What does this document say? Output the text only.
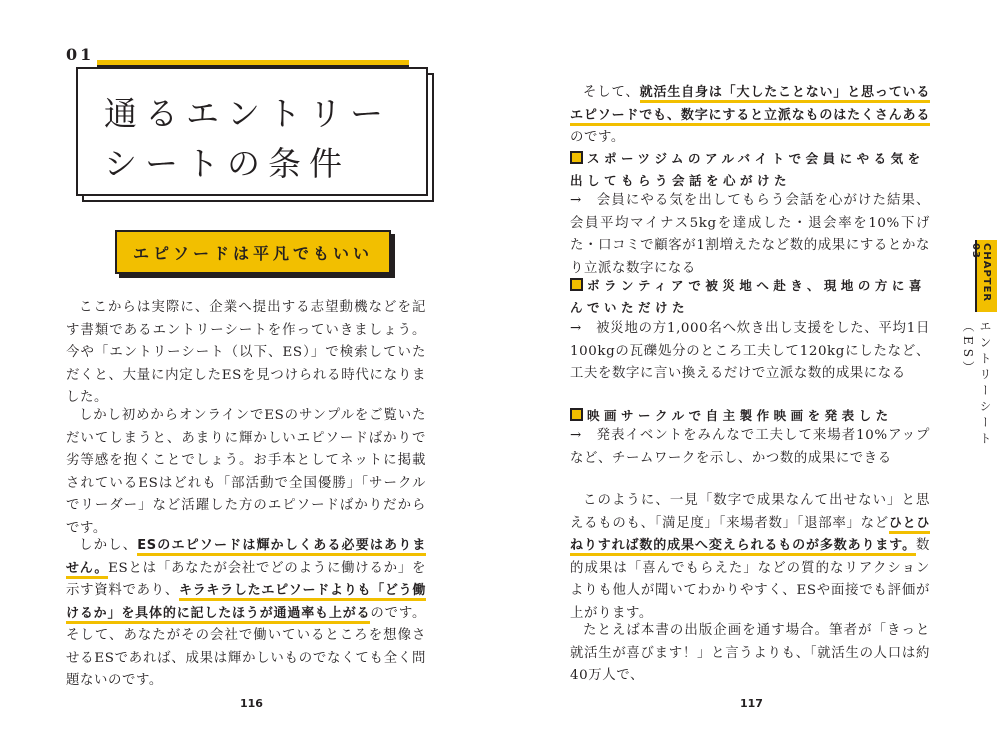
01
通るエントリー
シートの条件
エピソードは平凡でもいい
ここからは実際に、企業へ提出する志望動機などを記す書類であるエントリーシートを作っていきましょう。今や「エントリーシート（以下、ES）」で検索していただくと、大量に内定したESを見つけられる時代になりました。
しかし初めからオンラインでESのサンプルをご覧いただいてしまうと、あまりに輝かしいエピソードばかりで劣等感を抱くことでしょう。お手本としてネットに掲載されているESはどれも「部活動で全国優勝」「サークルでリーダー」など活躍した方のエピソードばかりだからです。
しかし、ESのエピソードは輝かしくある必要はありません。ESとは「あなたが会社でどのように働けるか」を示す資料であり、キラキラしたエピソードよりも「どう働けるか」を具体的に記したほうが通過率も上がるのです。そして、あなたがその会社で働いているところを想像させるESであれば、成果は輝かしいものでなくても全く問題ないのです。
116
そして、就活生自身は「大したことない」と思っているエピソードでも、数字にすると立派なものはたくさんあるのです。
スポーツジムのアルバイトで会員にやる気を出してもらう会話を心がけた
→　会員にやる気を出してもらう会話を心がけた結果、会員平均マイナス5kgを達成した・退会率を10%下げた・口コミで顧客が1割増えたなど数的成果にするとかなり立派な数字になる
ボランティアで被災地へ赴き、現地の方に喜んでいただけた
→　被災地の方1,000名へ炊き出し支援をした、平均1日100kgの瓦礫処分のところ工夫して120kgにしたなど、工夫を数字に言い換えるだけで立派な数的成果になる
映画サークルで自主製作映画を発表した
→　発表イベントをみんなで工夫して来場者10%アップなど、チームワークを示し、かつ数的成果にできる
このように、一見「数字で成果なんて出せない」と思えるものも、「満足度」「来場者数」「退部率」などひとひねりすれば数的成果へ変えられるものが多数あります。数的成果は「喜んでもらえた」などの質的なリアクションよりも他人が聞いてわかりやすく、ESや面接でも評価が上がります。
たとえば本書の出版企画を通す場合。筆者が「きっと就活生が喜びます！」と言うよりも、「就活生の人口は約40万人で、
117
CHAPTER 03
エントリーシート（ES）
